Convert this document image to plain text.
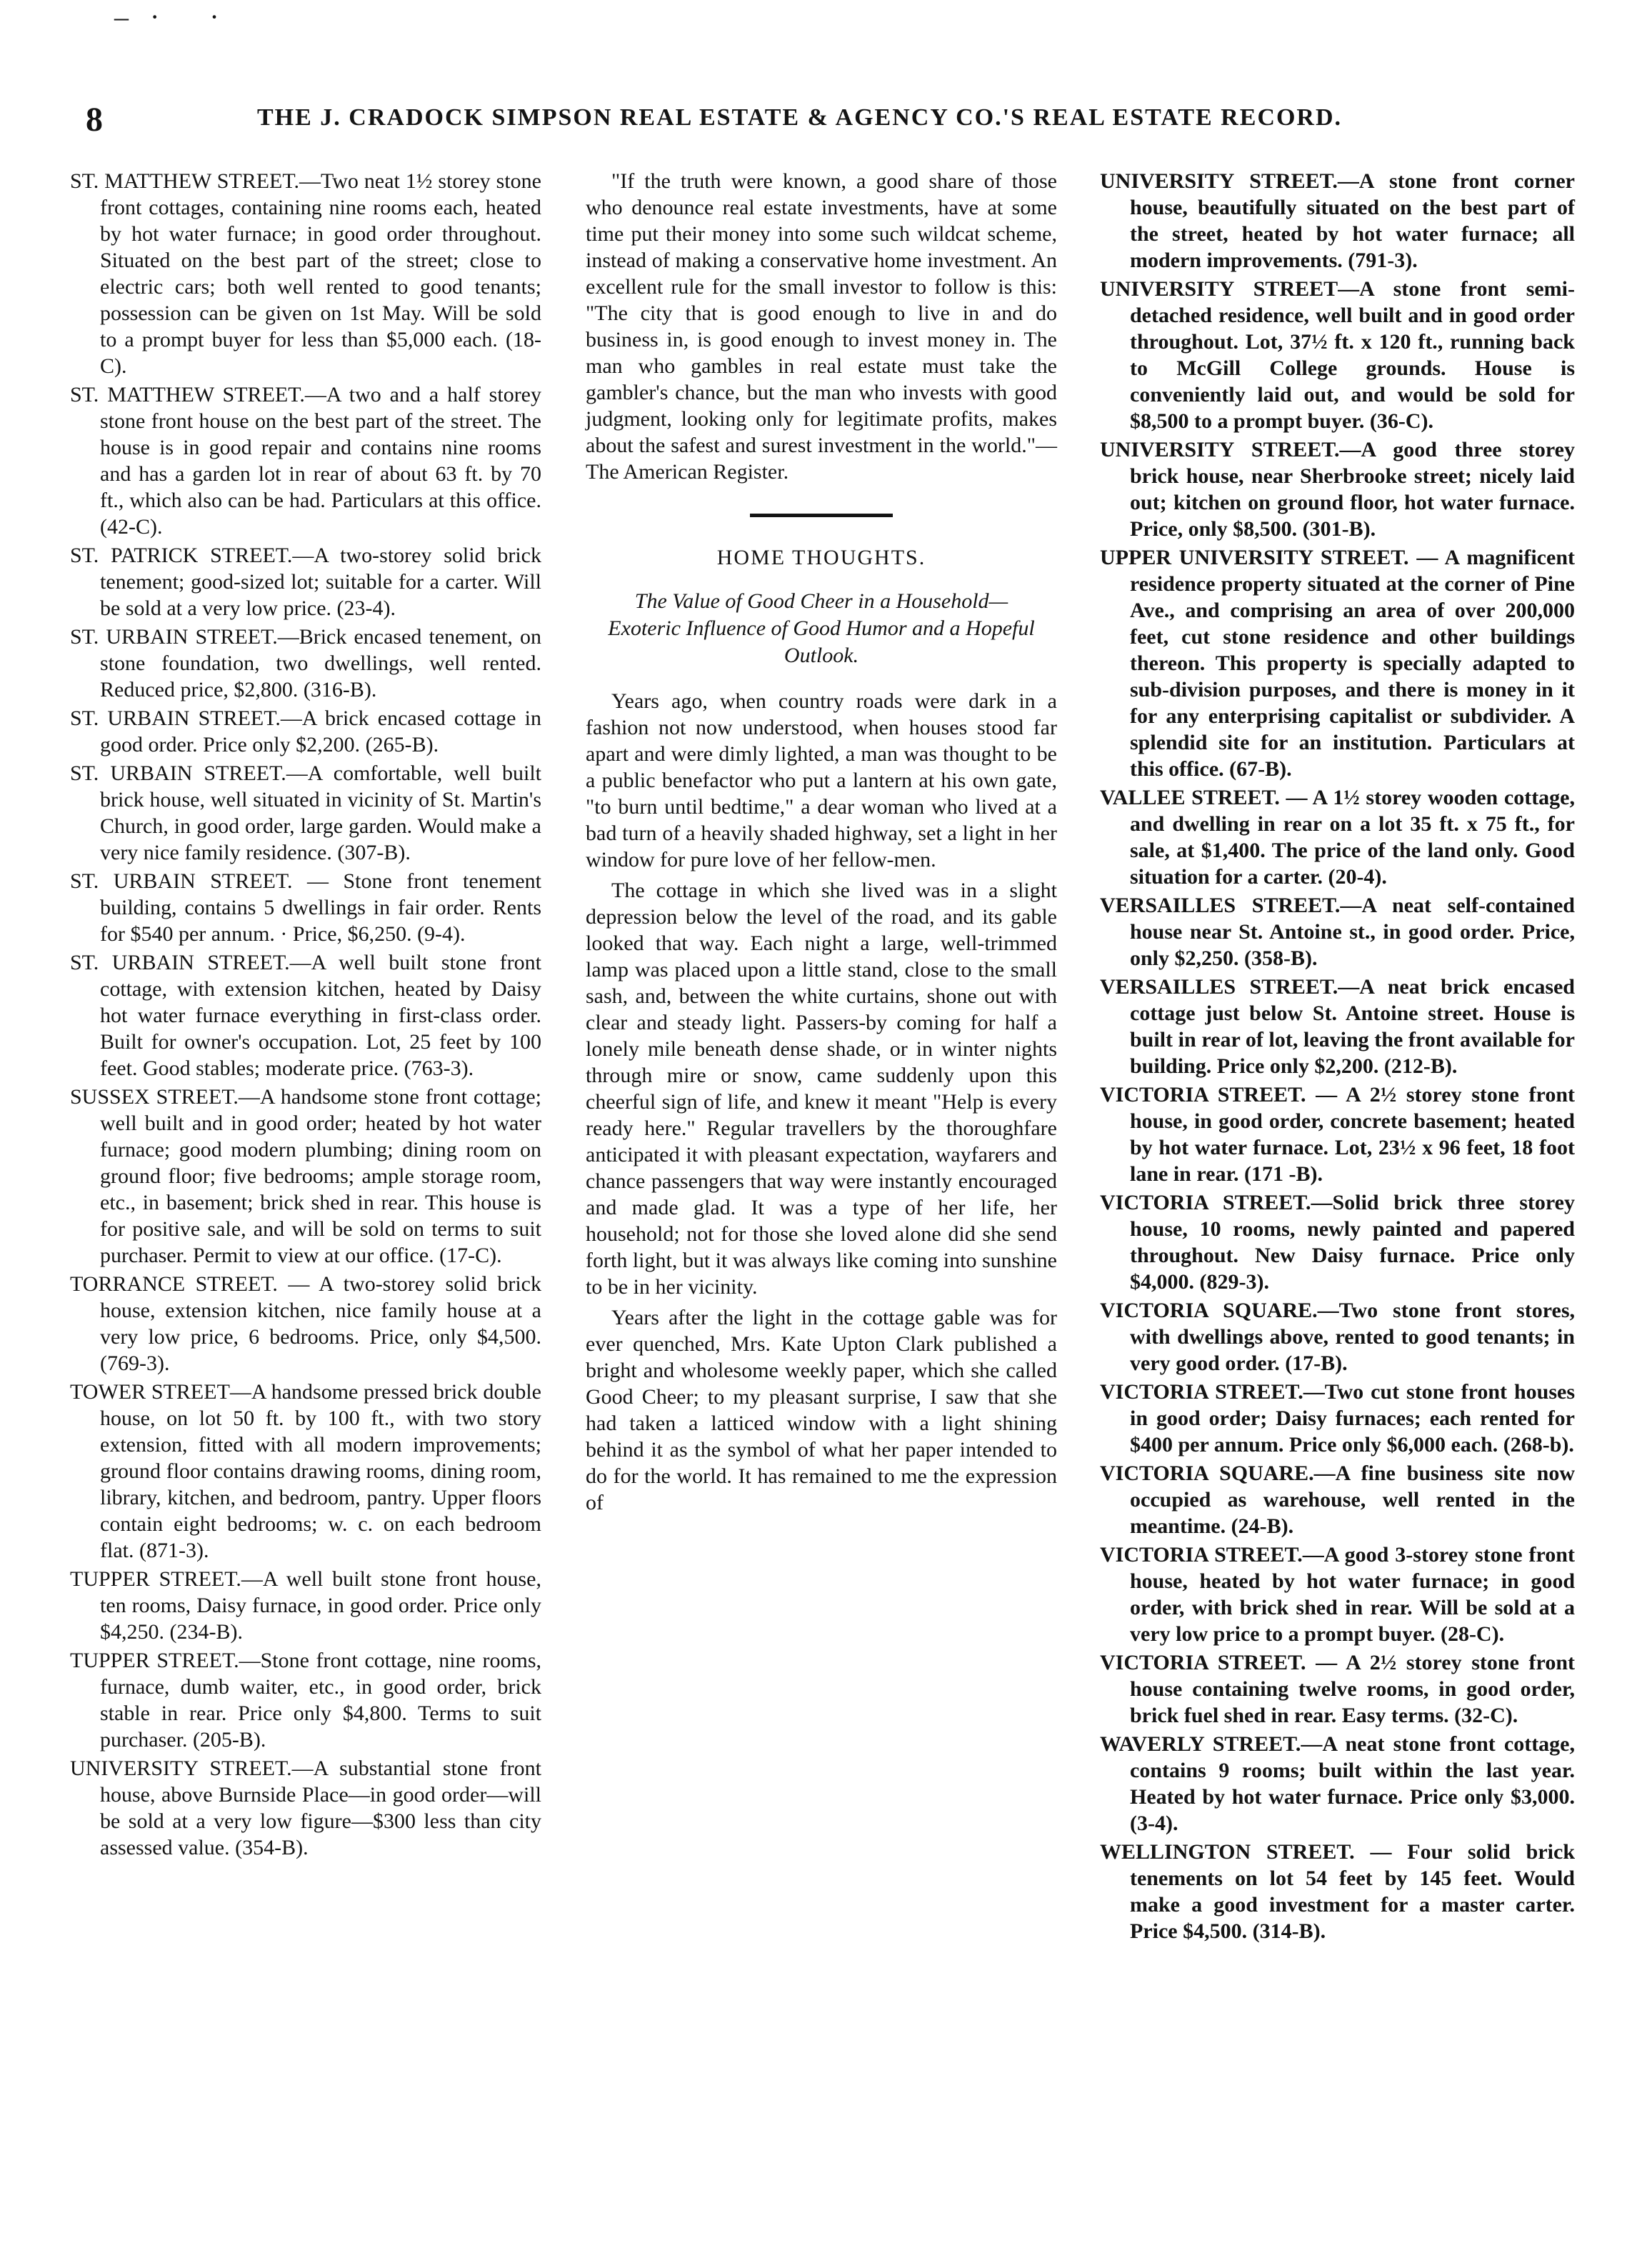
–· ·
8	THE J. CRADOCK SIMPSON REAL ESTATE & AGENCY CO.'S REAL ESTATE RECORD.

ST. MATTHEW STREET.—Two neat 1½ storey stone front cottages, containing nine rooms each, heated by hot water furnace; in good order throughout. Situated on the best part of the street; close to electric cars; both well rented to good tenants; possession can be given on 1st May. Will be sold to a prompt buyer for less than $5,000 each. (18-C).

ST. MATTHEW STREET.—A two and a half storey stone front house on the best part of the street. The house is in good repair and contains nine rooms and has a garden lot in rear of about 63 ft. by 70 ft., which also can be had. Particulars at this office. (42-C).

ST. PATRICK STREET.—A two-storey solid brick tenement; good-sized lot; suitable for a carter. Will be sold at a very low price. (23-4).

ST. URBAIN STREET.—Brick encased tenement, on stone foundation, two dwellings, well rented. Reduced price, $2,800. (316-B).

ST. URBAIN STREET.—A brick encased cottage in good order. Price only $2,200. (265-B).

ST. URBAIN STREET.—A comfortable, well built brick house, well situated in vicinity of St. Martin's Church, in good order, large garden. Would make a very nice family residence. (307-B).

ST. URBAIN STREET. — Stone front tenement building, contains 5 dwellings in fair order. Rents for $540 per annum. · Price, $6,250. (9-4).

ST. URBAIN STREET.—A well built stone front cottage, with extension kitchen, heated by Daisy hot water furnace everything in first-class order. Built for owner's occupation. Lot, 25 feet by 100 feet. Good stables; moderate price. (763-3).

SUSSEX STREET.—A handsome stone front cottage; well built and in good order; heated by hot water furnace; good modern plumbing; dining room on ground floor; five bedrooms; ample storage room, etc., in basement; brick shed in rear. This house is for positive sale, and will be sold on terms to suit purchaser. Permit to view at our office. (17-C).

TORRANCE STREET. — A two-storey solid brick house, extension kitchen, nice family house at a very low price, 6 bedrooms. Price, only $4,500. (769-3).

TOWER STREET—A handsome pressed brick double house, on lot 50 ft. by 100 ft., with two story extension, fitted with all modern improvements; ground floor contains drawing rooms, dining room, library, kitchen, and bedroom, pantry. Upper floors contain eight bedrooms; w. c. on each bedroom flat. (871-3).

TUPPER STREET.—A well built stone front house, ten rooms, Daisy furnace, in good order. Price only $4,250. (234-B).

TUPPER STREET.—Stone front cottage, nine rooms, furnace, dumb waiter, etc., in good order, brick stable in rear. Price only $4,800. Terms to suit purchaser. (205-B).

UNIVERSITY STREET.—A substantial stone front house, above Burnside Place—in good order—will be sold at a very low figure—$300 less than city assessed value. (354-B).

"If the truth were known, a good share of those who denounce real estate investments, have at some time put their money into some such wildcat scheme, instead of making a conservative home investment. An excellent rule for the small investor to follow is this: "The city that is good enough to live in and do business in, is good enough to invest money in. The man who gambles in real estate must take the gambler's chance, but the man who invests with good judgment, looking only for legitimate profits, makes about the safest and surest investment in the world."—The American Register.

HOME THOUGHTS.
The Value of Good Cheer in a Household—Exoteric Influence of Good Humor and a Hopeful Outlook.

Years ago, when country roads were dark in a fashion not now understood, when houses stood far apart and were dimly lighted, a man was thought to be a public benefactor who put a lantern at his own gate, "to burn until bedtime," a dear woman who lived at a bad turn of a heavily shaded highway, set a light in her window for pure love of her fellow-men.

The cottage in which she lived was in a slight depression below the level of the road, and its gable looked that way. Each night a large, well-trimmed lamp was placed upon a little stand, close to the small sash, and, between the white curtains, shone out with clear and steady light. Passers-by coming for half a lonely mile beneath dense shade, or in winter nights through mire or snow, came suddenly upon this cheerful sign of life, and knew it meant "Help is every ready here." Regular travellers by the thoroughfare anticipated it with pleasant expectation, wayfarers and chance passengers that way were instantly encouraged and made glad. It was a type of her life, her household; not for those she loved alone did she send forth light, but it was always like coming into sunshine to be in her vicinity.

Years after the light in the cottage gable was for ever quenched, Mrs. Kate Upton Clark published a bright and wholesome weekly paper, which she called Good Cheer; to my pleasant surprise, I saw that she had taken a latticed window with a light shining behind it as the symbol of what her paper intended to do for the world. It has remained to me the expression of

UNIVERSITY STREET.—A stone front corner house, beautifully situated on the best part of the street, heated by hot water furnace; all modern improvements. (791-3).

UNIVERSITY STREET—A stone front semi-detached residence, well built and in good order throughout. Lot, 37½ ft. x 120 ft., running back to McGill College grounds. House is conveniently laid out, and would be sold for $8,500 to a prompt buyer. (36-C).

UNIVERSITY STREET.—A good three storey brick house, near Sherbrooke street; nicely laid out; kitchen on ground floor, hot water furnace. Price, only $8,500. (301-B).

UPPER UNIVERSITY STREET. — A magnificent residence property situated at the corner of Pine Ave., and comprising an area of over 200,000 feet, cut stone residence and other buildings thereon. This property is specially adapted to sub-division purposes, and there is money in it for any enterprising capitalist or subdivider. A splendid site for an institution. Particulars at this office. (67-B).

VALLEE STREET. — A 1½ storey wooden cottage, and dwelling in rear on a lot 35 ft. x 75 ft., for sale, at $1,400. The price of the land only. Good situation for a carter. (20-4).

VERSAILLES STREET.—A neat self-contained house near St. Antoine st., in good order. Price, only $2,250. (358-B).

VERSAILLES STREET.—A neat brick encased cottage just below St. Antoine street. House is built in rear of lot, leaving the front available for building. Price only $2,200. (212-B).

VICTORIA STREET. — A 2½ storey stone front house, in good order, concrete basement; heated by hot water furnace. Lot, 23½ x 96 feet, 18 foot lane in rear. (171 -B).

VICTORIA STREET.—Solid brick three storey house, 10 rooms, newly painted and papered throughout. New Daisy furnace. Price only $4,000. (829-3).

VICTORIA SQUARE.—Two stone front stores, with dwellings above, rented to good tenants; in very good order. (17-B).

VICTORIA STREET.—Two cut stone front houses in good order; Daisy furnaces; each rented for $400 per annum. Price only $6,000 each. (268-b).

VICTORIA SQUARE.—A fine business site now occupied as warehouse, well rented in the meantime. (24-B).

VICTORIA STREET.—A good 3-storey stone front house, heated by hot water furnace; in good order, with brick shed in rear. Will be sold at a very low price to a prompt buyer. (28-C).

VICTORIA STREET. — A 2½ storey stone front house containing twelve rooms, in good order, brick fuel shed in rear. Easy terms. (32-C).

WAVERLY STREET.—A neat stone front cottage, contains 9 rooms; built within the last year. Heated by hot water furnace. Price only $3,000. (3-4).

WELLINGTON STREET. — Four solid brick tenements on lot 54 feet by 145 feet. Would make a good investment for a master carter. Price $4,500. (314-B).
